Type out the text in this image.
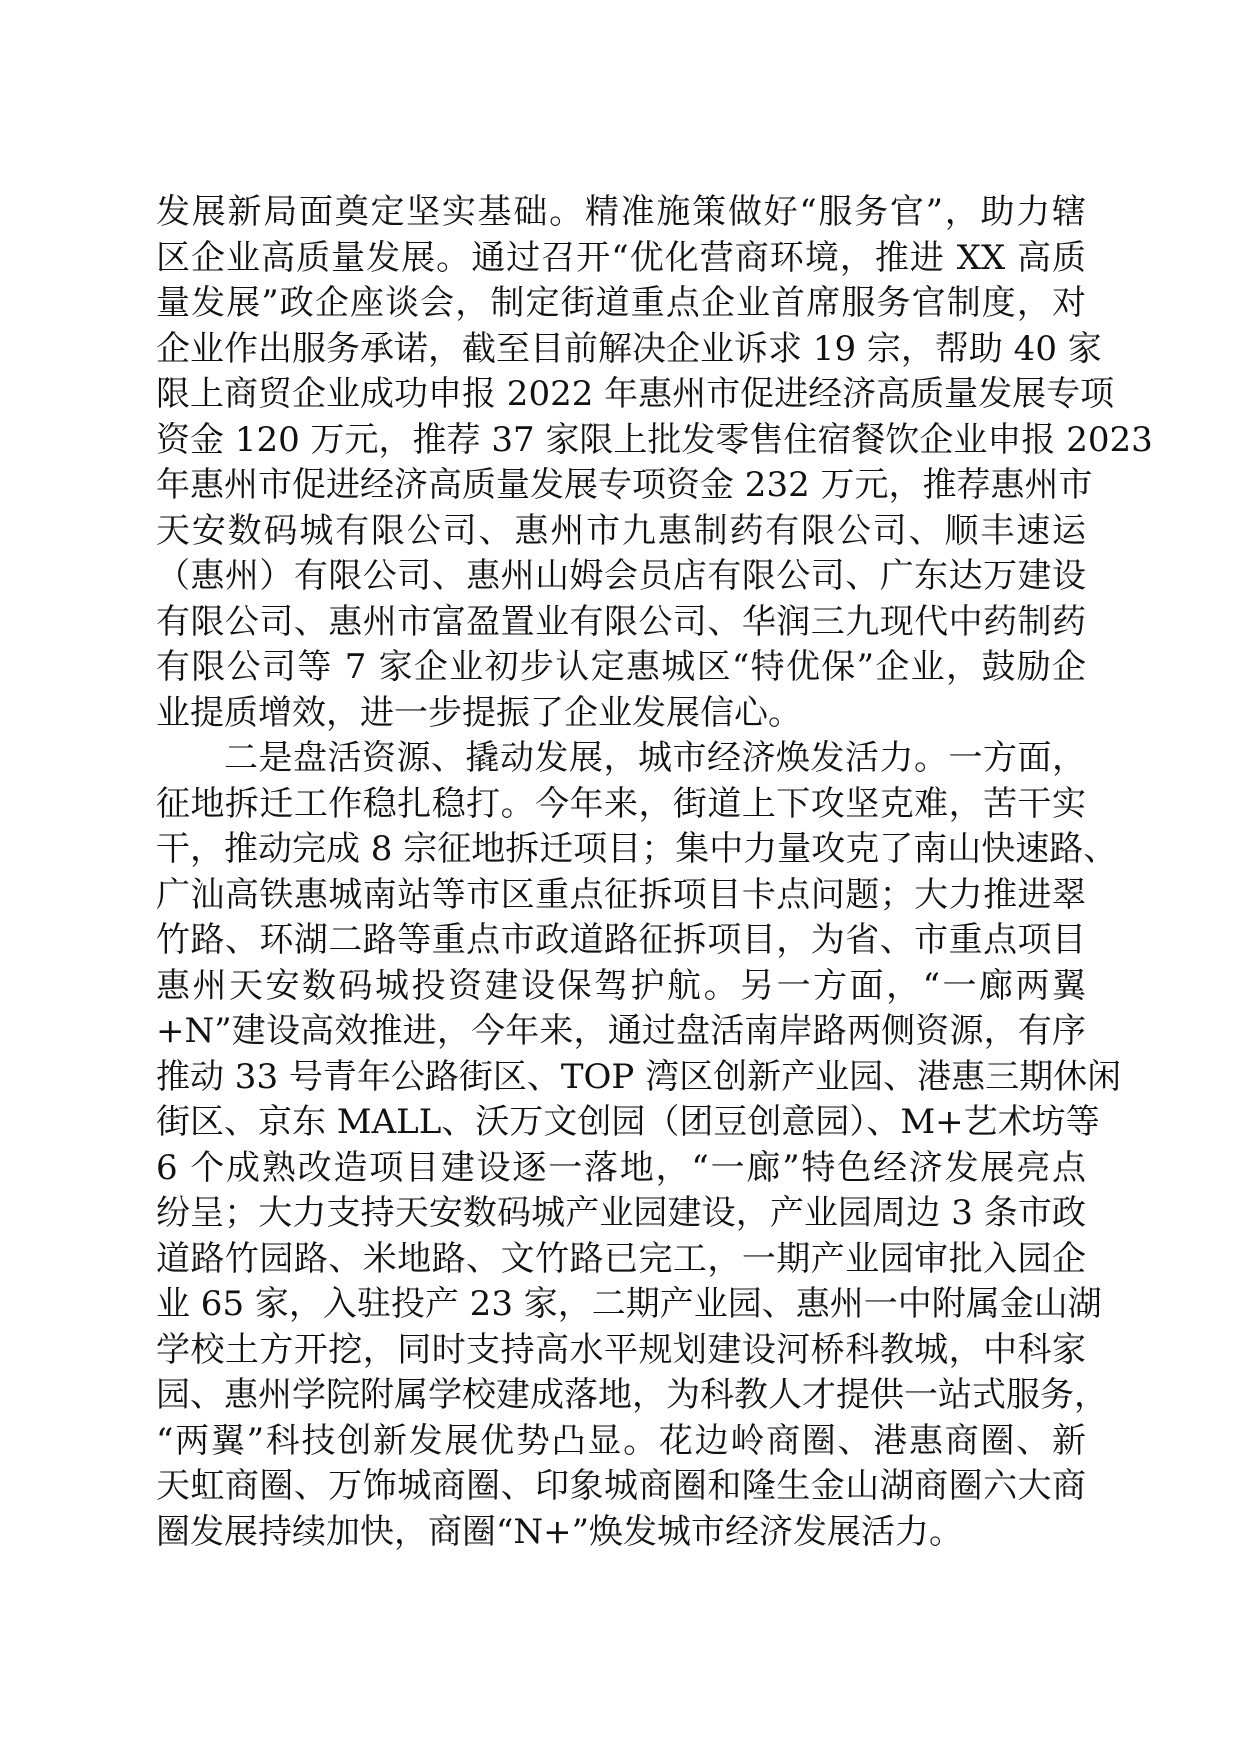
发展新局面奠定坚实基础。精准施策做好“服务官”，助力辖
区企业高质量发展。通过召开“优化营商环境，推进 XX 高质
量发展”政企座谈会，制定街道重点企业首席服务官制度，对
企业作出服务承诺，截至目前解决企业诉求 19 宗，帮助 40 家
限上商贸企业成功申报 2022 年惠州市促进经济高质量发展专项
资金 120 万元，推荐 37 家限上批发零售住宿餐饮企业申报 2023
年惠州市促进经济高质量发展专项资金 232 万元，推荐惠州市
天安数码城有限公司、惠州市九惠制药有限公司、顺丰速运
（惠州）有限公司、惠州山姆会员店有限公司、广东达万建设
有限公司、惠州市富盈置业有限公司、华润三九现代中药制药
有限公司等 7 家企业初步认定惠城区“特优保”企业，鼓励企
业提质增效，进一步提振了企业发展信心。
二是盘活资源、撬动发展，城市经济焕发活力。一方面，
征地拆迁工作稳扎稳打。今年来，街道上下攻坚克难，苦干实
干，推动完成 8 宗征地拆迁项目；集中力量攻克了南山快速路、
广汕高铁惠城南站等市区重点征拆项目卡点问题；大力推进翠
竹路、环湖二路等重点市政道路征拆项目，为省、市重点项目
惠州天安数码城投资建设保驾护航。另一方面，“一廊两翼
+N”建设高效推进，今年来，通过盘活南岸路两侧资源，有序
推动 33 号青年公路街区、TOP 湾区创新产业园、港惠三期休闲
街区、京东 MALL、沃万文创园（团豆创意园）、M+艺术坊等
6 个成熟改造项目建设逐一落地，“一廊”特色经济发展亮点
纷呈；大力支持天安数码城产业园建设，产业园周边 3 条市政
道路竹园路、米地路、文竹路已完工，一期产业园审批入园企
业 65 家，入驻投产 23 家，二期产业园、惠州一中附属金山湖
学校土方开挖，同时支持高水平规划建设河桥科教城，中科家
园、惠州学院附属学校建成落地，为科教人才提供一站式服务，
“两翼”科技创新发展优势凸显。花边岭商圈、港惠商圈、新
天虹商圈、万饰城商圈、印象城商圈和隆生金山湖商圈六大商
圈发展持续加快，商圈“N+”焕发城市经济发展活力。
